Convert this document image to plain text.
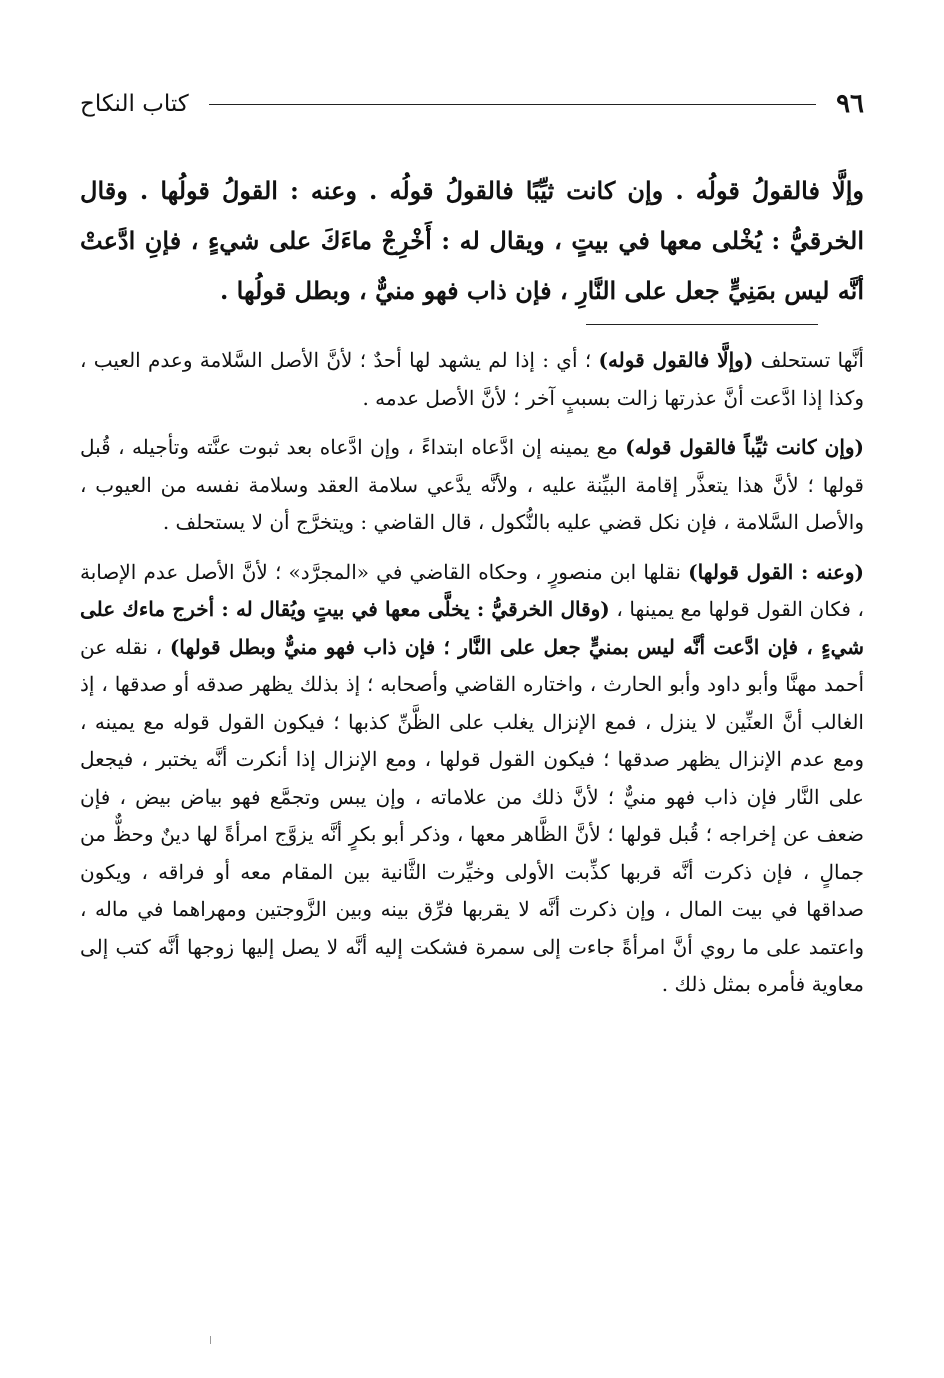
٩٦
كتاب النكاح

وإلَّا فالقولُ قولُه . وإن كانت ثيِّبًا فالقولُ قولُه . وعنه : القولُ قولُها . وقال الخرقيُّ : يُخْلى معها في بيتٍ ، ويقال له : أَخْرِجْ ماءَكَ على شيءٍ ، فإنِ ادَّعتْ أنَّه ليس بمَنِيٍّ جعل على النَّارِ ، فإن ذاب فهو منيٌّ ، وبطل قولُها .

أنَّها تستحلف (وإلَّا فالقول قوله) ؛ أي : إذا لم يشهد لها أحدٌ ؛ لأنَّ الأصل السَّلامة وعدم العيب ، وكذا إذا ادَّعت أنَّ عذرتها زالت بسببٍ آخر ؛ لأنَّ الأصل عدمه .

(وإن كانت ثيِّباً فالقول قوله) مع يمينه إن ادَّعاه ابتداءً ، وإن ادَّعاه بعد ثبوت عنَّته وتأجيله ، قُبل قولها ؛ لأنَّ هذا يتعذَّر إقامة البيِّنة عليه ، ولأنَّه يدَّعي سلامة العقد وسلامة نفسه من العيوب ، والأصل السَّلامة ، فإن نكل قضي عليه بالنُّكول ، قال القاضي : ويتخرَّج أن لا يستحلف .

(وعنه : القول قولها) نقلها ابن منصورٍ ، وحكاه القاضي في «المجرَّد» ؛ لأنَّ الأصل عدم الإصابة ، فكان القول قولها مع يمينها ، (وقال الخرقيُّ : يخلَّى معها في بيتٍ ويُقال له : أخرج ماءك على شيءٍ ، فإن ادَّعت أنَّه ليس بمنيٍّ جعل على النَّار ؛ فإن ذاب فهو منيٌّ وبطل قولها) ، نقله عن أحمد مهنَّا وأبو داود وأبو الحارث ، واختاره القاضي وأصحابه ؛ إذ بذلك يظهر صدقه أو صدقها ، إذ الغالب أنَّ العنِّين لا ينزل ، فمع الإنزال يغلب على الظَّنِّ كذبها ؛ فيكون القول قوله مع يمينه ، ومع عدم الإنزال يظهر صدقها ؛ فيكون القول قولها ، ومع الإنزال إذا أنكرت أنَّه يختبر ، فيجعل على النَّار فإن ذاب فهو منيٌّ ؛ لأنَّ ذلك من علاماته ، وإن يبس وتجمَّع فهو بياض بيض ، فإن ضعف عن إخراجه ؛ قُبل قولها ؛ لأنَّ الظَّاهر معها ، وذكر أبو بكرٍ أنَّه يزوَّج امرأةً لها دينٌ وحظٌّ من جمالٍ ، فإن ذكرت أنَّه قربها كذِّبت الأولى وخيِّرت الثَّانية بين المقام معه أو فراقه ، ويكون صداقها في بيت المال ، وإن ذكرت أنَّه لا يقربها فرِّق بينه وبين الزَّوجتين ومهراهما في ماله ، واعتمد على ما روي أنَّ امرأةً جاءت إلى سمرة فشكت إليه أنَّه لا يصل إليها زوجها أنَّه كتب إلى معاوية فأمره بمثل ذلك .
